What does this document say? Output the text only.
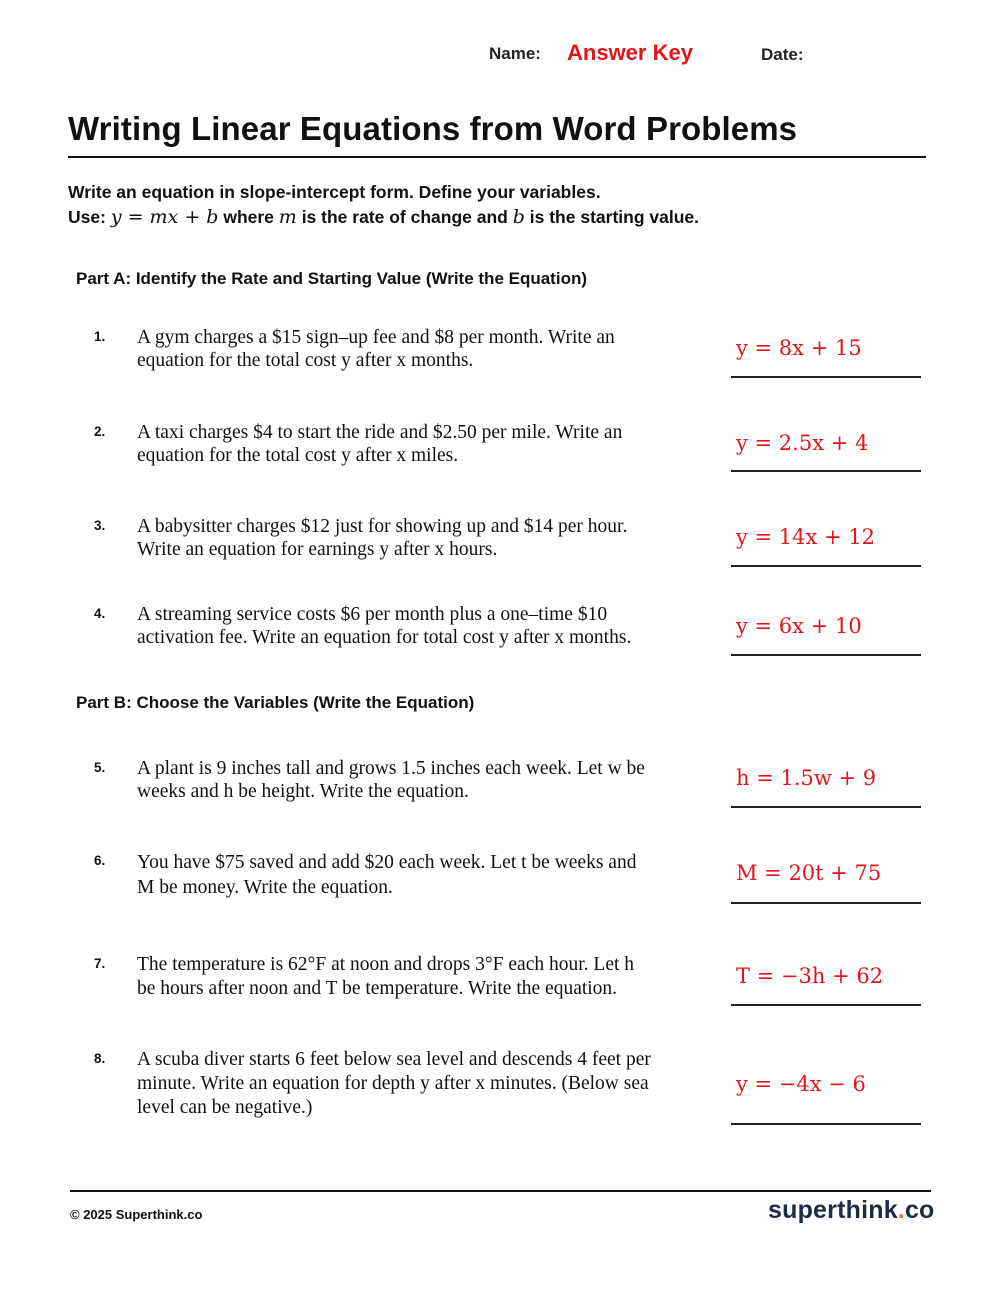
Name: Answer Key	Date:
Writing Linear Equations from Word Problems
Write an equation in slope-intercept form. Define your variables.
Use: y = mx + b where m is the rate of change and b is the starting value.
Part A: Identify the Rate and Starting Value (Write the Equation)
1. A gym charges a $15 sign–up fee and $8 per month. Write an
equation for the total cost y after x months.
y = 8x + 15
2. A taxi charges $4 to start the ride and $2.50 per mile. Write an
equation for the total cost y after x miles.
y = 2.5x + 4
3. A babysitter charges $12 just for showing up and $14 per hour.
Write an equation for earnings y after x hours.
y = 14x + 12
4. A streaming service costs $6 per month plus a one–time $10
activation fee. Write an equation for total cost y after x months.	y = 6x + 10
Part B: Choose the Variables (Write the Equation)
5. A plant is 9 inches tall and grows 1.5 inches each week. Let w be
weeks and h be height. Write the equation.
h = 1.5w + 9
6. You have $75 saved and add $20 each week. Let t be weeks and
M be money. Write the equation.
M = 20t + 75
7. The temperature is 62°F at noon and drops 3°F each hour. Let h
be hours after noon and T be temperature. Write the equation.
T = −3h + 62
8. A scuba diver starts 6 feet below sea level and descends 4 feet per
minute. Write an equation for depth y after x minutes. (Below sea
level can be negative.)
y = −4x − 6
© 2025 Superthink.co	superthink.co
